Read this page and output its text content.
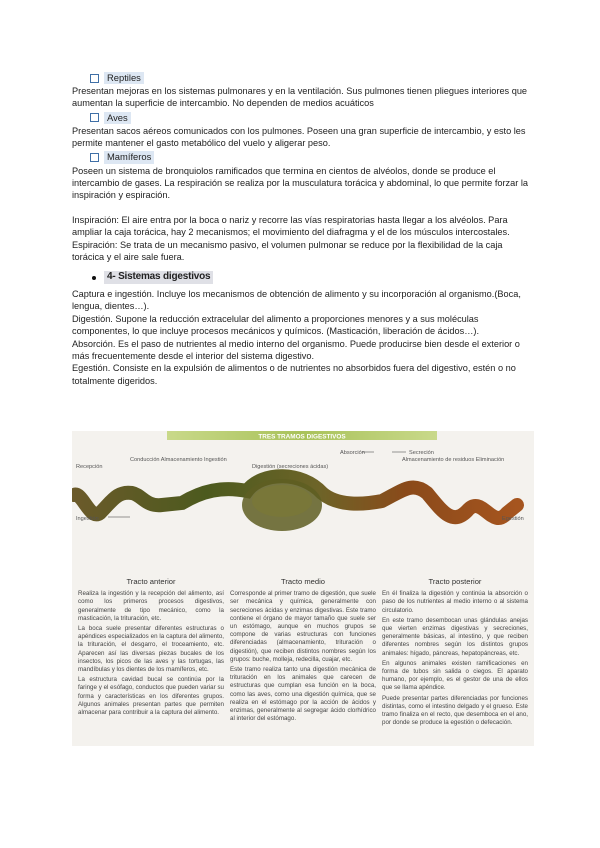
Reptiles

Presentan mejoras en los sistemas pulmonares y en la ventilación. Sus pulmones tienen pliegues interiores que aumentan la superficie de intercambio. No dependen de medios acuáticos

Aves

Presentan sacos aéreos comunicados con los pulmones. Poseen una gran superficie de intercambio, y esto les permite mantener el gasto metabólico del vuelo y aligerar peso.

Mamíferos

Poseen un sistema de bronquiolos ramificados que termina en cientos de alvéolos, donde se produce el intercambio de gases. La respiración se realiza por la musculatura torácica y abdominal, lo que permite forzar la inspiración y espiración.

Inspiración: El aire entra por la boca o nariz y recorre las vías respiratorias hasta llegar a los alvéolos. Para ampliar la caja torácica, hay 2 mecanismos; el movimiento del diafragma y el de los músculos intercostales.

Espiración: Se trata de un mecanismo pasivo, el volumen pulmonar se reduce por la flexibilidad de la caja torácica y el aire sale fuera.

4- Sistemas digestivos

Captura e ingestión. Incluye los mecanismos de obtención de alimento y su incorporación al organismo.(Boca, lengua, dientes…).

Digestión. Supone la reducción extracelular del alimento a proporciones menores y a sus moléculas componentes, lo que incluye procesos mecánicos y químicos. (Masticación, liberación de ácidos…).

Absorción. Es el paso de nutrientes al medio interno del organismo. Puede producirse bien desde el exterior o más frecuentemente desde el interior del sistema digestivo.

Egestión. Consiste en la expulsión de alimentos o de nutrientes no absorbidos fuera del digestivo, estén o no totalmente digeridos.

TRES TRAMOS DIGESTIVOS
Absorción	Secreción
Recepción
Conducción Almacenamiento Ingestión
Digestión (secreciones ácidas)
Almacenamiento de residuos Eliminación
Ingestión	Egestión
Tracto anterior

Realiza la ingestión y la recepción del alimento, así como los primeros procesos digestivos, generalmente de tipo mecánico, como la masticación, la trituración, etc.

La boca suele presentar diferentes estructuras o apéndices especializados en la captura del alimento, la trituración, el desgarro, el troceamiento, etc. Aparecen así las diversas piezas bucales de los insectos, los picos de las aves y las tortugas, las mandíbulas y los dientes de los mamíferos, etc.

La estructura cavidad bucal se continúa por la faringe y el esófago, conductos que pueden variar su forma y características en los diferentes grupos. Algunos animales presentan partes que permiten almacenar para contribuir a la captura del alimento.

Tracto medio

Corresponde al primer tramo de digestión, que suele ser mecánica y química, generalmente con secreciones ácidas y enzimas digestivas. Este tramo contiene el órgano de mayor tamaño que suele ser un estómago, aunque en muchos grupos se compone de varias estructuras con funciones diferenciadas (almacenamiento, trituración o digestión), que reciben distintos nombres según los grupos: buche, molleja, redecilla, cuajar, etc.

Este tramo realiza tanto una digestión mecánica de trituración en los animales que carecen de estructuras que cumplan esa función en la boca, como las aves, como una digestión química, que se realiza en el estómago por la acción de ácidos y enzimas, generalmente al segregar ácido clorhídrico al interior del estómago.

Tracto posterior

En él finaliza la digestión y continúa la absorción o paso de los nutrientes al medio interno o al sistema circulatorio.

En este tramo desembocan unas glándulas anejas que vierten enzimas digestivas y secreciones, generalmente básicas, al intestino, y que reciben diferentes nombres según los distintos grupos animales: hígado, páncreas, hepatopáncreas, etc.

En algunos animales existen ramificaciones en forma de tubos sin salida o ciegos. El aparato humano, por ejemplo, es el gestor de una de ellos que se llama apéndice.

Puede presentar partes diferenciadas por funciones distintas, como el intestino delgado y el grueso. Este tramo finaliza en el recto, que desemboca en el ano, por donde se produce la egestión o defecación.
